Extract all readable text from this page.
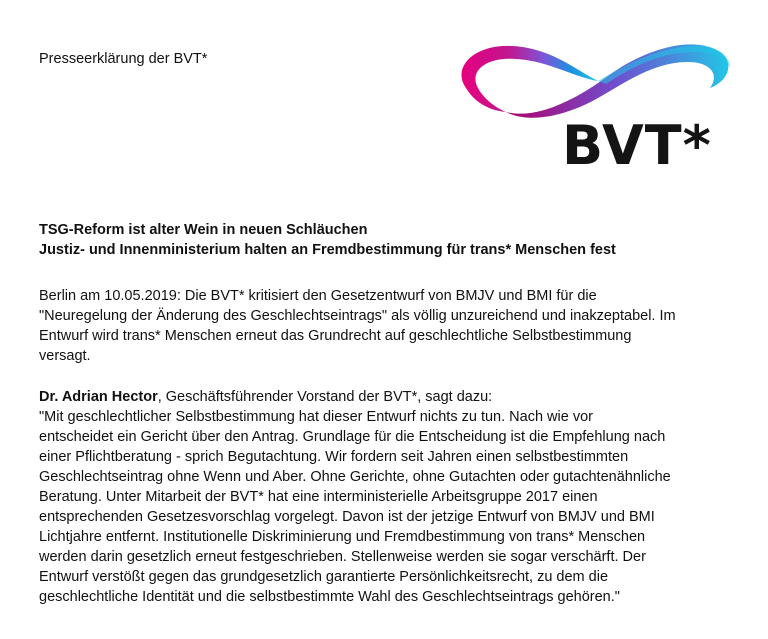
Presseerklärung der BVT*
BVT*
TSG-Reform ist alter Wein in neuen Schläuchen
Justiz- und Innenministerium halten an Fremdbestimmung für trans* Menschen fest
Berlin am 10.05.2019: Die BVT* kritisiert den Gesetzentwurf von BMJV und BMI für die
"Neuregelung der Änderung des Geschlechtseintrags" als völlig unzureichend und inakzeptabel. Im
Entwurf wird trans* Menschen erneut das Grundrecht auf geschlechtliche Selbstbestimmung
versagt.
Dr. Adrian Hector, Geschäftsführender Vorstand der BVT*, sagt dazu:
"Mit geschlechtlicher Selbstbestimmung hat dieser Entwurf nichts zu tun. Nach wie vor
entscheidet ein Gericht über den Antrag. Grundlage für die Entscheidung ist die Empfehlung nach
einer Pflichtberatung - sprich Begutachtung. Wir fordern seit Jahren einen selbstbestimmten
Geschlechtseintrag ohne Wenn und Aber. Ohne Gerichte, ohne Gutachten oder gutachtenähnliche
Beratung. Unter Mitarbeit der BVT* hat eine interministerielle Arbeitsgruppe 2017 einen
entsprechenden Gesetzesvorschlag vorgelegt. Davon ist der jetzige Entwurf von BMJV und BMI
Lichtjahre entfernt. Institutionelle Diskriminierung und Fremdbestimmung von trans* Menschen
werden darin gesetzlich erneut festgeschrieben. Stellenweise werden sie sogar verschärft. Der
Entwurf verstößt gegen das grundgesetzlich garantierte Persönlichkeitsrecht, zu dem die
geschlechtliche Identität und die selbstbestimmte Wahl des Geschlechtseintrags gehören."
